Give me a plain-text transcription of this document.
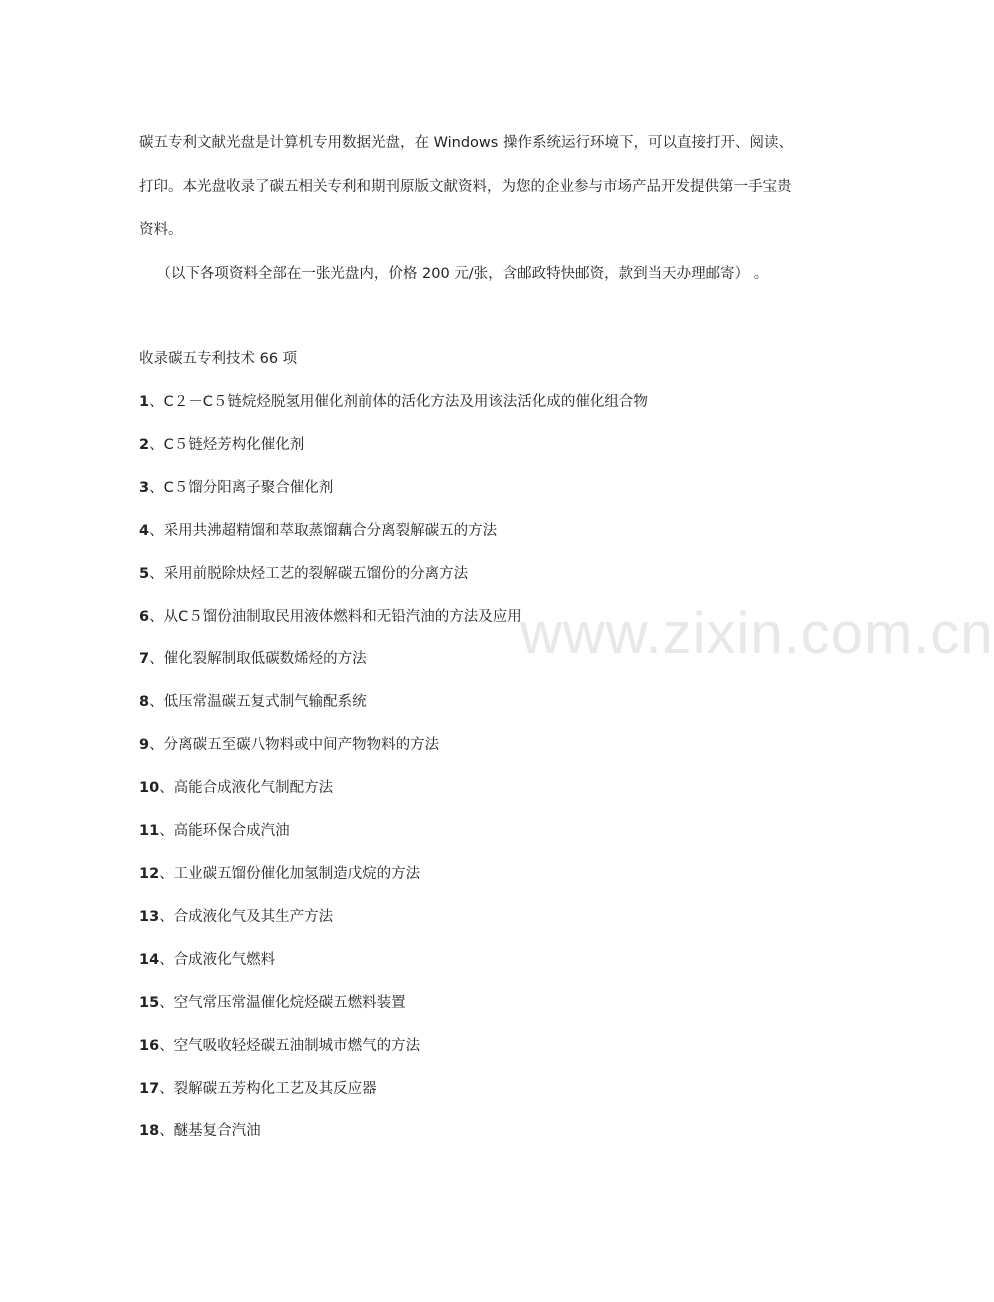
www.zixin.com.cn

碳五专利文献光盘是计算机专用数据光盘，在 Windows 操作系统运行环境下，可以直接打开、阅读、打印。本光盘收录了碳五相关专利和期刊原版文献资料，为您的企业参与市场产品开发提供第一手宝贵资料。

（以下各项资料全部在一张光盘内，价格 200 元/张，含邮政特快邮资，款到当天办理邮寄） 。

收录碳五专利技术 66 项

1、C２－C５链烷烃脱氢用催化剂前体的活化方法及用该法活化成的催化组合物
2、C５链烃芳构化催化剂
3、C５馏分阳离子聚合催化剂
4、采用共沸超精馏和萃取蒸馏藕合分离裂解碳五的方法
5、采用前脱除炔烃工艺的裂解碳五馏份的分离方法
6、从C５馏份油制取民用液体燃料和无铅汽油的方法及应用
7、催化裂解制取低碳数烯烃的方法
8、低压常温碳五复式制气输配系统
9、分离碳五至碳八物料或中间产物物料的方法
10、高能合成液化气制配方法
11、高能环保合成汽油
12、工业碳五馏份催化加氢制造戊烷的方法
13、合成液化气及其生产方法
14、合成液化气燃料
15、空气常压常温催化烷烃碳五燃料装置
16、空气吸收轻烃碳五油制城市燃气的方法
17、裂解碳五芳构化工艺及其反应器
18、醚基复合汽油
